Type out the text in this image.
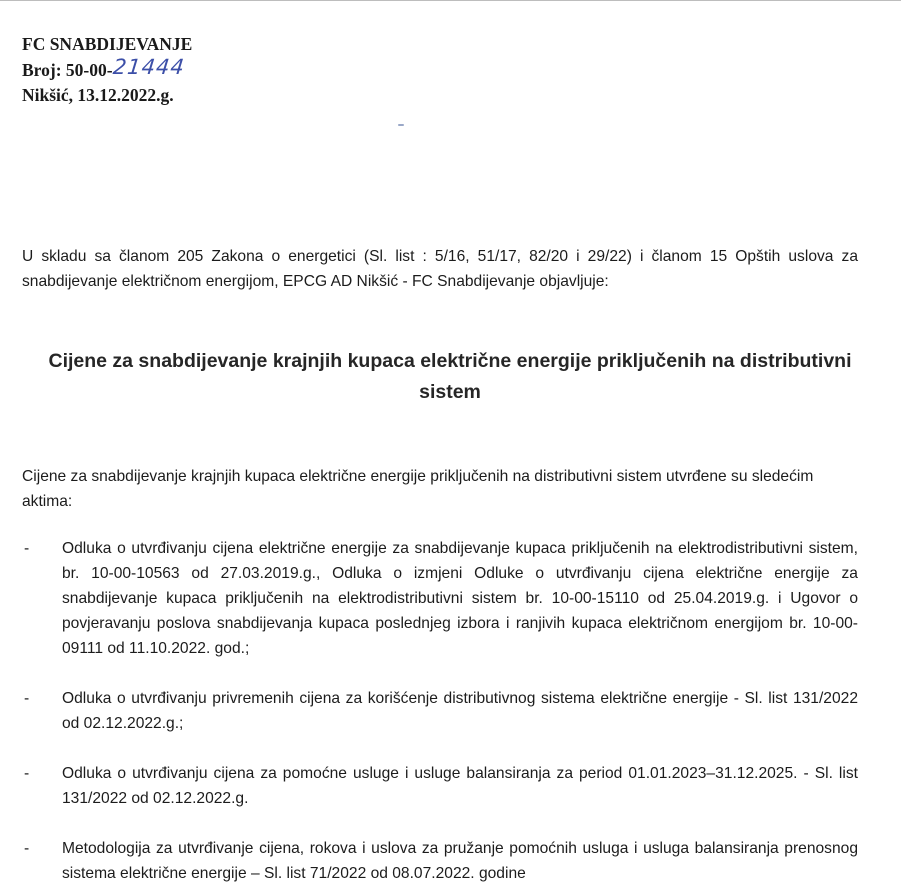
FC SNABDIJEVANJE
Broj: 50-00-21444
Nikšić, 13.12.2022.g.
U skladu sa članom 205 Zakona o energetici (Sl. list : 5/16, 51/17, 82/20 i 29/22) i članom 15 Opštih uslova za snabdijevanje električnom energijom, EPCG AD Nikšić - FC Snabdijevanje objavljuje:
Cijene za snabdijevanje krajnjih kupaca električne energije priključenih na distributivni sistem
Cijene za snabdijevanje krajnjih kupaca električne energije priključenih na distributivni sistem utvrđene su sledećim aktima:
- Odluka o utvrđivanju cijena električne energije za snabdijevanje kupaca priključenih na elektrodistributivni sistem, br. 10-00-10563 od 27.03.2019.g., Odluka o izmjeni Odluke o utvrđivanju cijena električne energije za snabdijevanje kupaca priključenih na elektrodistributivni sistem br. 10-00-15110 od 25.04.2019.g. i Ugovor o povjeravanju poslova snabdijevanja kupaca poslednjeg izbora i ranjivih kupaca električnom energijom br. 10-00-09111 od 11.10.2022. god.;
- Odluka o utvrđivanju privremenih cijena za korišćenje distributivnog sistema električne energije - Sl. list 131/2022 od 02.12.2022.g.;
- Odluka o utvrđivanju cijena za pomoćne usluge i usluge balansiranja za period 01.01.2023–31.12.2025. - Sl. list 131/2022 od 02.12.2022.g.
- Metodologija za utvrđivanje cijena, rokova i uslova za pružanje pomoćnih usluga i usluga balansiranja prenosnog sistema električne energije – Sl. list 71/2022 od 08.07.2022. godine
